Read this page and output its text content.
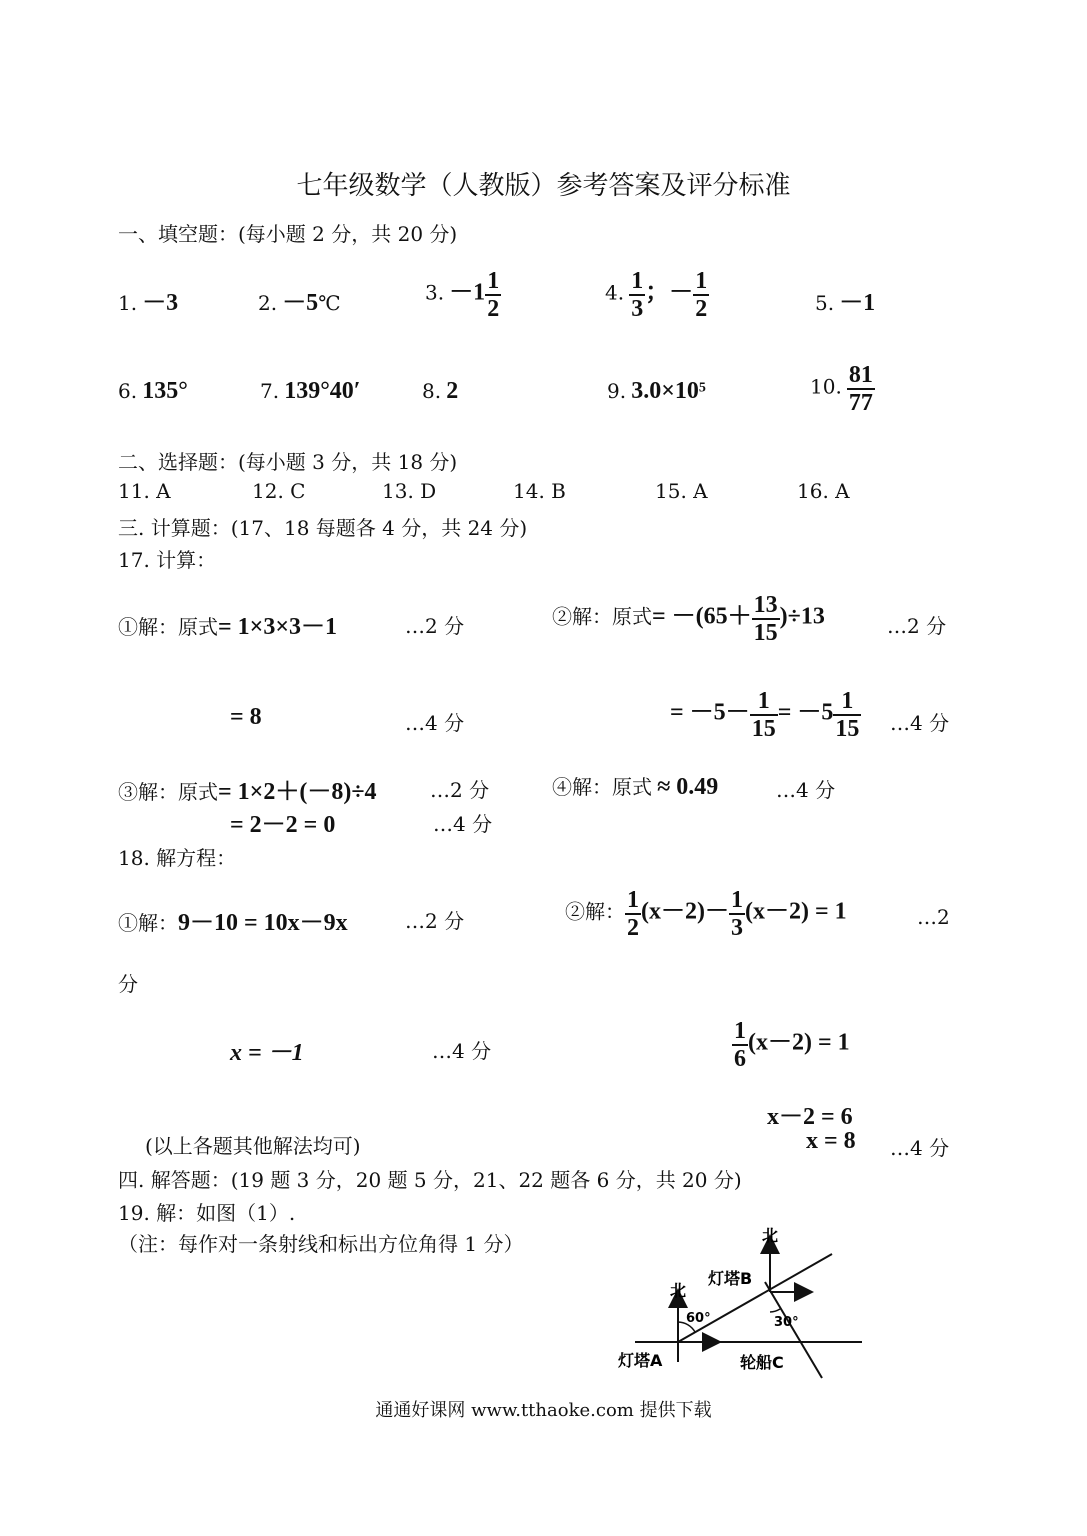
七年级数学（人教版）参考答案及评分标准
一、填空题：(每小题 2 分，共 20 分)
1. －3	2. －5℃	3. $-1 \frac{1}{2}$	4. $\frac{1}{3}$ ；－ $\frac{1}{2}$	5. －1
6. 135°	7. 139°40′	8. 2	9. $3.0\times 10^5$	10. $\frac{81}{77}$
二、选择题：(每小题 3 分，共 18 分)
11. A	12. C	13. D	14. B	15. A	16. A
三. 计算题：(17、18 每题各 4 分，共 24 分)
17. 计算：
①解：原式= 1×3×3－1	…2 分	②解：原式= $-(65+ \frac{13}{15} )\div 13$	…2 分
= 8	…4 分	= $-5- \frac{1}{15} = -5 \frac{1}{15}$ …4 分
③解：原式= 1×2＋(－8)÷4	…2 分	④解：原式 ≈ 0.49	…4 分
= 2－2 = 0	…4 分
18. 解方程：
①解：9－10 = 10x－9x	…2 分	②解： $\frac{1}{2} (x-2)- \frac{1}{3} (x-2) = 1$	…2
分
x = －1	…4 分	$\frac{1}{6} (x-2) = 1$
x－2 = 6
(以上各题其他解法均可)	x = 8 …4 分
四. 解答题：(19 题 3 分，20 题 5 分，21、22 题各 6 分，共 20 分)
19. 解：如图（1）.
（注：每作对一条射线和标出方位角得 1 分）	北
北
灯塔B
灯塔A	轮船C
60°	30°
通通好课网 www.tthaoke.com 提供下载
